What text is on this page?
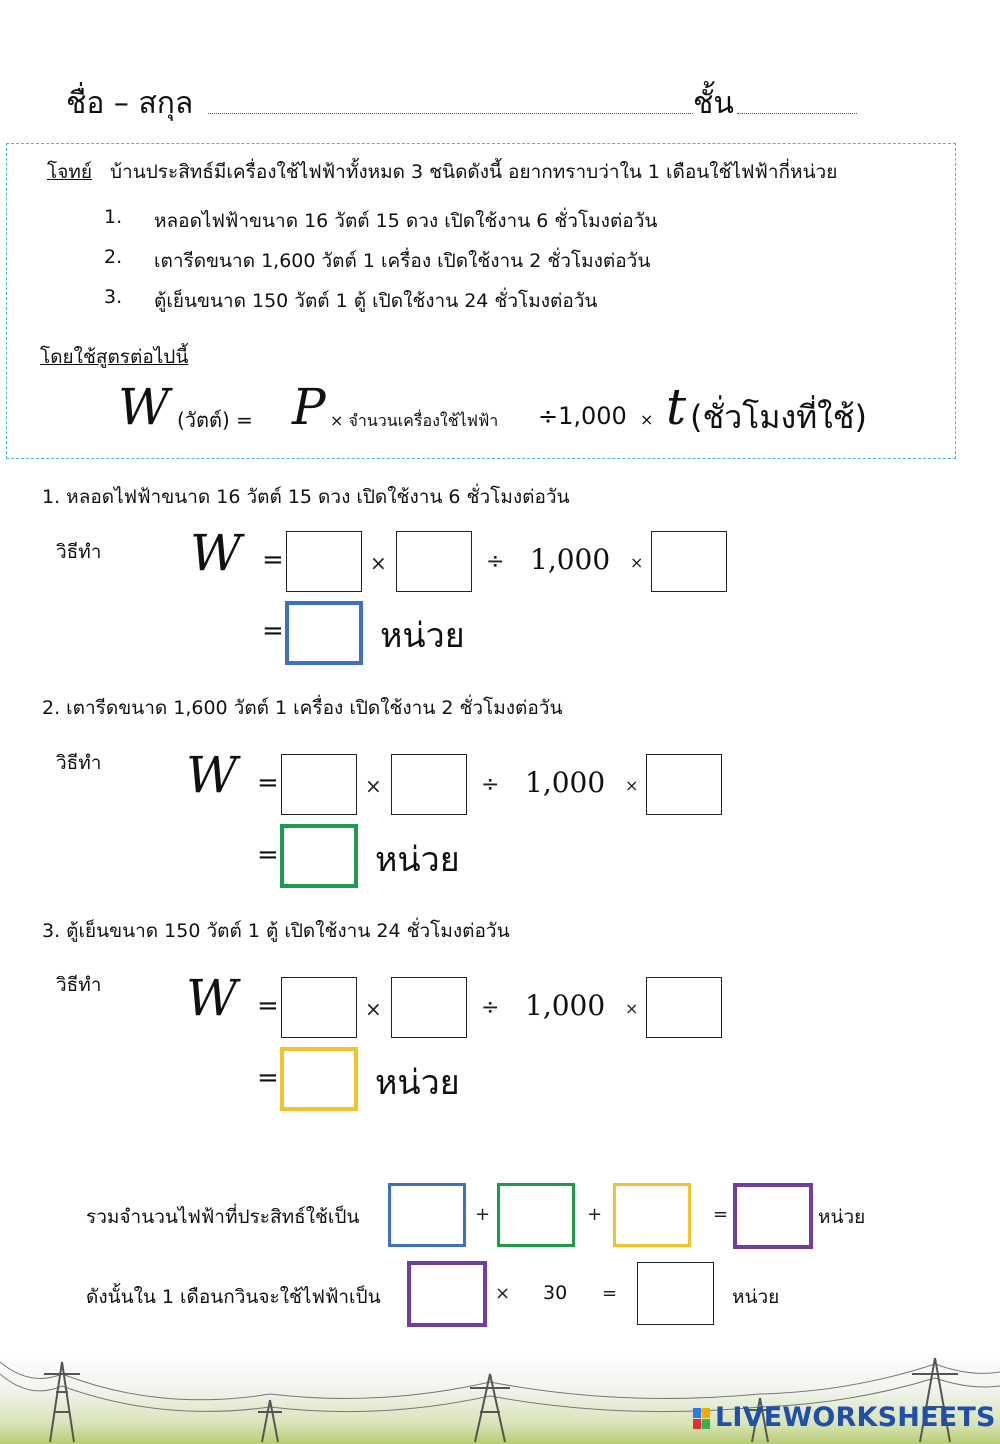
ชื่อ – สกุล	ชั้น
โจทย์ บ้านประสิทธ์มีเครื่องใช้ไฟฟ้าทั้งหมด 3 ชนิดดังนี้ อยากทราบว่าใน 1 เดือนใช้ไฟฟ้ากี่หน่วย
1. หลอดไฟฟ้าขนาด 16 วัตต์ 15 ดวง เปิดใช้งาน 6 ชั่วโมงต่อวัน
2. เตารีดขนาด 1,600 วัตต์ 1 เครื่อง เปิดใช้งาน 2 ชั่วโมงต่อวัน
3. ตู้เย็นขนาด 150 วัตต์ 1 ตู้ เปิดใช้งาน 24 ชั่วโมงต่อวัน
โดยใช้สูตรต่อไปนี้
W (วัตต์) = P × จำนวนเครื่องใช้ไฟฟ้า ÷1,000 × t (ชั่วโมงที่ใช้)
1. หลอดไฟฟ้าขนาด 16 วัตต์ 15 ดวง เปิดใช้งาน 6 ชั่วโมงต่อวัน
วิธีทำ W =	×	÷ 1,000 ×
=	หน่วย
2. เตารีดขนาด 1,600 วัตต์ 1 เครื่อง เปิดใช้งาน 2 ชั่วโมงต่อวัน
วิธีทำ W =	×	÷ 1,000 ×
=	หน่วย
3. ตู้เย็นขนาด 150 วัตต์ 1 ตู้ เปิดใช้งาน 24 ชั่วโมงต่อวัน
วิธีทำ W =	×	÷ 1,000 ×
=	หน่วย
รวมจำนวนไฟฟ้าที่ประสิทธ์ใช้เป็น	+	+	=	หน่วย
ดังนั้นใน 1 เดือนกวินจะใช้ไฟฟ้าเป็น	× 30 =	หน่วย
LIVEWORKSHEETS
